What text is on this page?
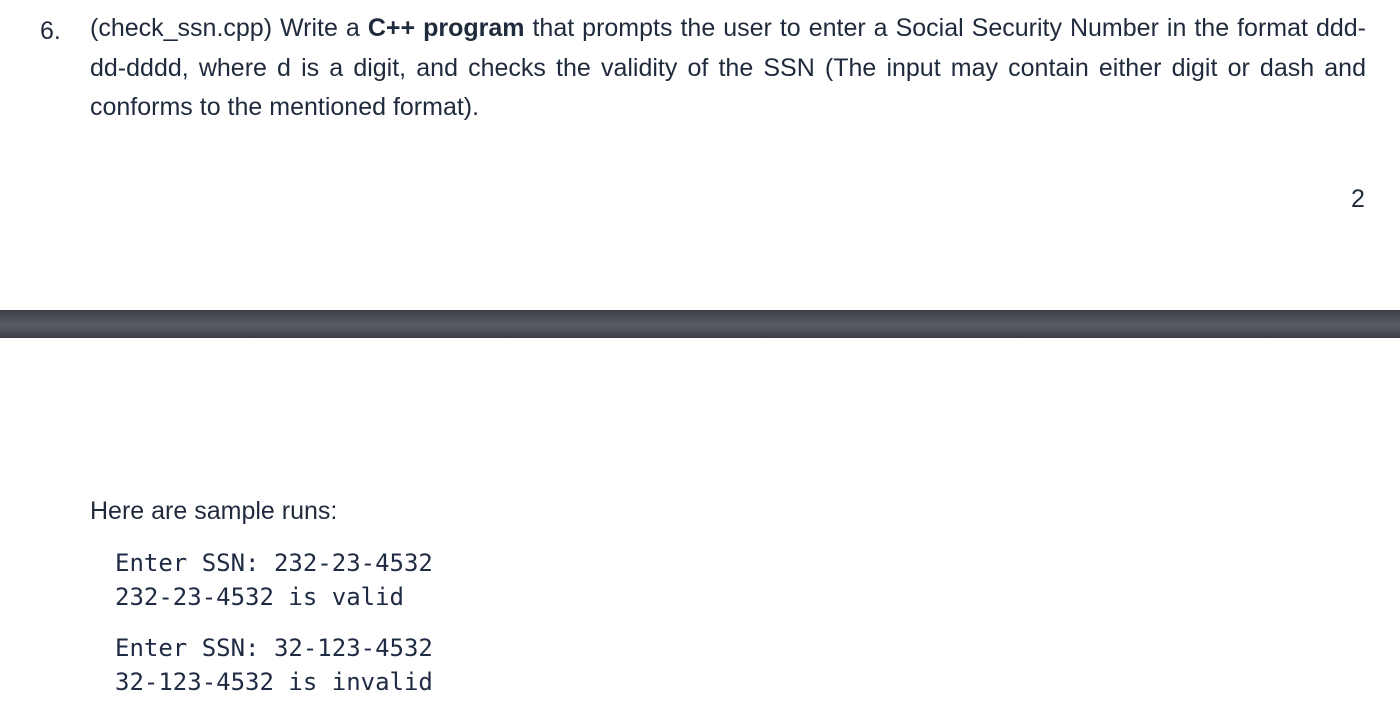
6. (check_ssn.cpp) Write a C++ program that prompts the user to enter a Social Security Number in the format ddd-dd-dddd, where d is a digit, and checks the validity of the SSN (The input may contain either digit or dash and conforms to the mentioned format).
2
Here are sample runs:
Enter SSN: 232-23-4532
232-23-4532 is valid
Enter SSN: 32-123-4532
32-123-4532 is invalid
